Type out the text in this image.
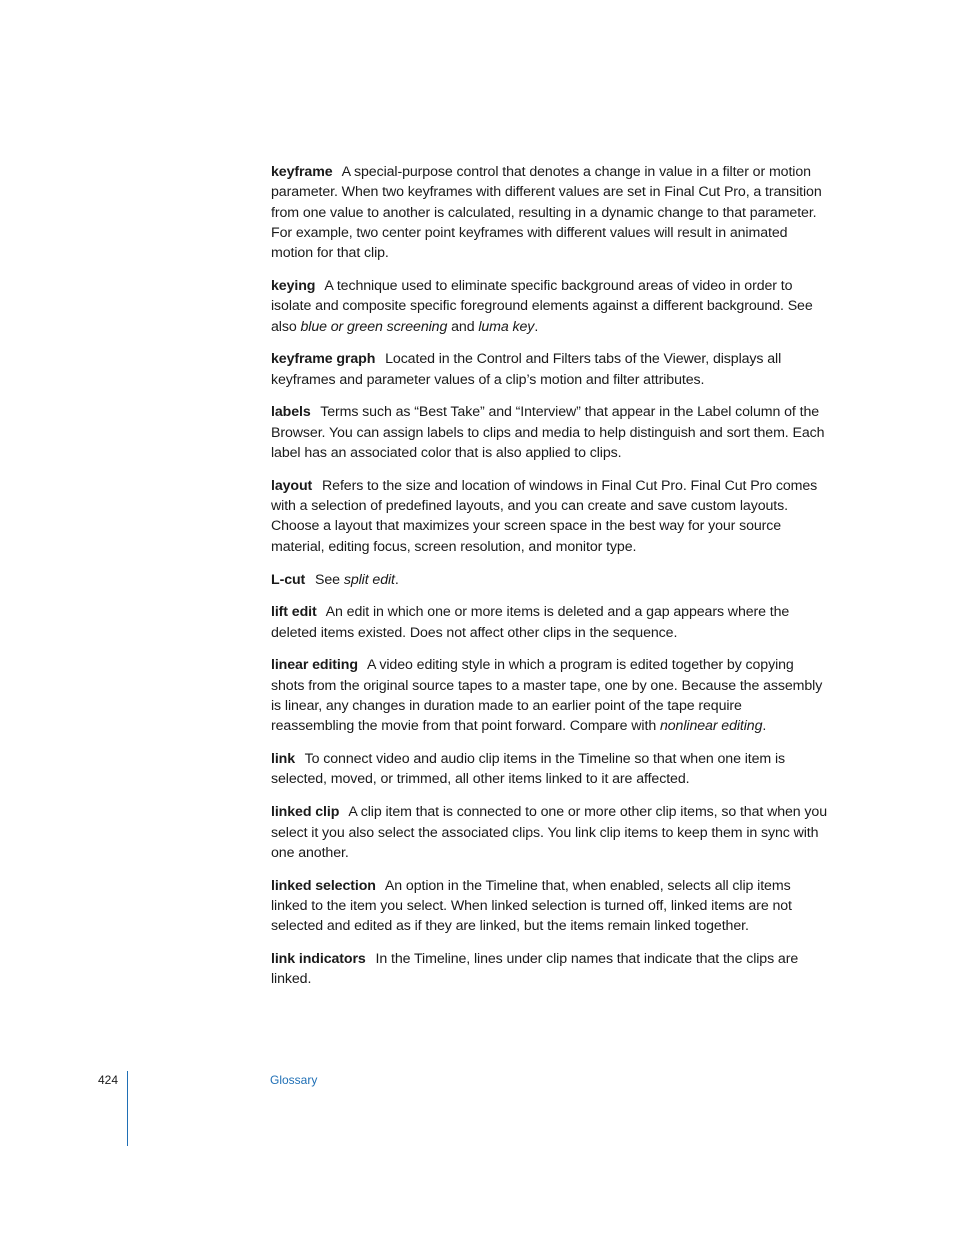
keyframe A special-purpose control that denotes a change in value in a filter or motion parameter. When two keyframes with different values are set in Final Cut Pro, a transition from one value to another is calculated, resulting in a dynamic change to that parameter. For example, two center point keyframes with different values will result in animated motion for that clip.

keying A technique used to eliminate specific background areas of video in order to isolate and composite specific foreground elements against a different background. See also blue or green screening and luma key.

keyframe graph Located in the Control and Filters tabs of the Viewer, displays all keyframes and parameter values of a clip’s motion and filter attributes.

labels Terms such as “Best Take” and “Interview” that appear in the Label column of the Browser. You can assign labels to clips and media to help distinguish and sort them. Each label has an associated color that is also applied to clips.

layout Refers to the size and location of windows in Final Cut Pro. Final Cut Pro comes with a selection of predefined layouts, and you can create and save custom layouts. Choose a layout that maximizes your screen space in the best way for your source material, editing focus, screen resolution, and monitor type.

L-cut See split edit.

lift edit An edit in which one or more items is deleted and a gap appears where the deleted items existed. Does not affect other clips in the sequence.

linear editing A video editing style in which a program is edited together by copying shots from the original source tapes to a master tape, one by one. Because the assembly is linear, any changes in duration made to an earlier point of the tape require reassembling the movie from that point forward. Compare with nonlinear editing.

link To connect video and audio clip items in the Timeline so that when one item is selected, moved, or trimmed, all other items linked to it are affected.

linked clip A clip item that is connected to one or more other clip items, so that when you select it you also select the associated clips. You link clip items to keep them in sync with one another.

linked selection An option in the Timeline that, when enabled, selects all clip items linked to the item you select. When linked selection is turned off, linked items are not selected and edited as if they are linked, but the items remain linked together.

link indicators In the Timeline, lines under clip names that indicate that the clips are linked.

424	Glossary
